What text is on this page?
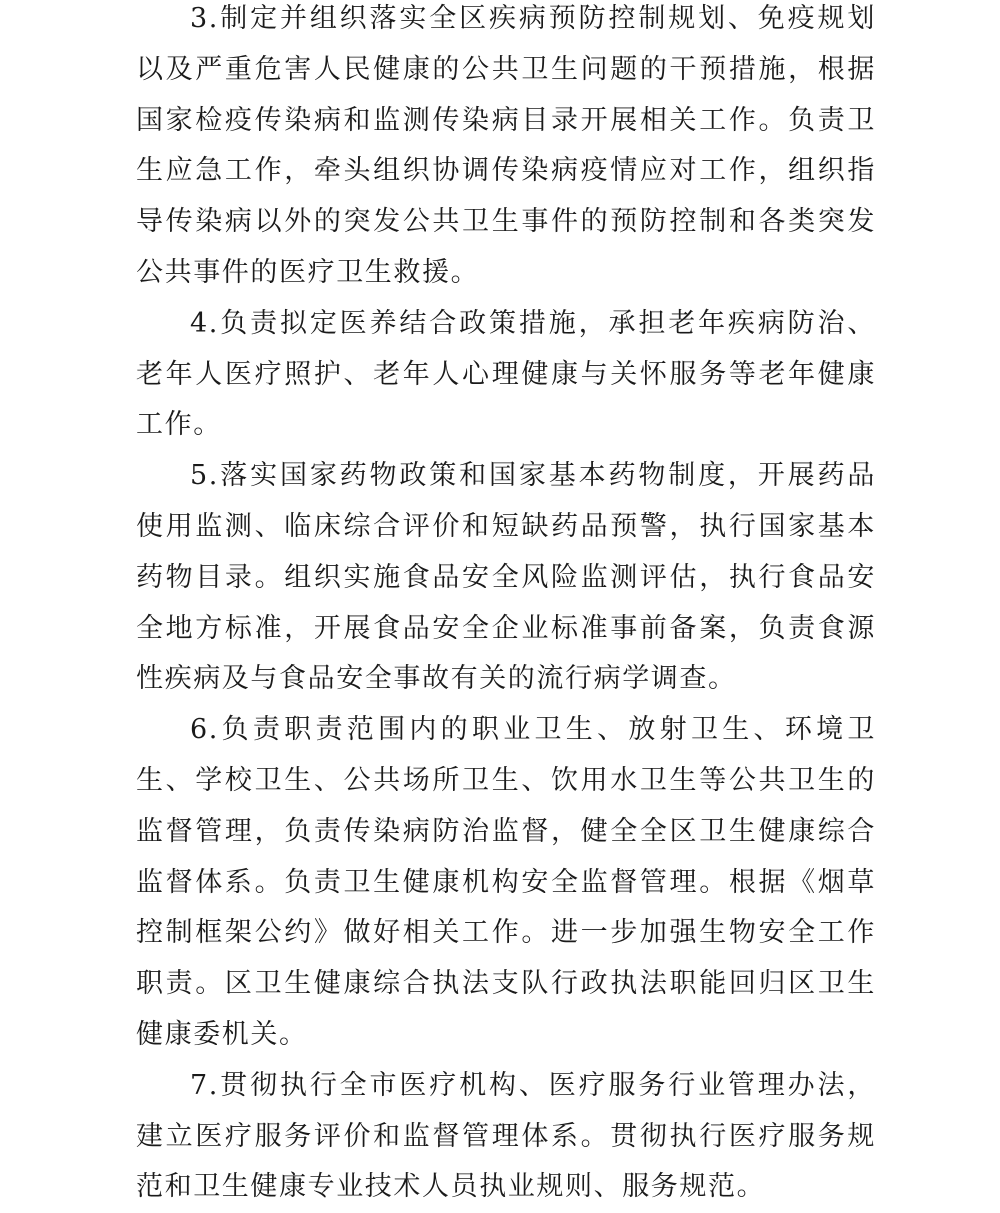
3.制定并组织落实全区疾病预防控制规划、免疫规划以及严重危害人民健康的公共卫生问题的干预措施，根据国家检疫传染病和监测传染病目录开展相关工作。负责卫生应急工作，牵头组织协调传染病疫情应对工作，组织指导传染病以外的突发公共卫生事件的预防控制和各类突发公共事件的医疗卫生救援。

4.负责拟定医养结合政策措施，承担老年疾病防治、老年人医疗照护、老年人心理健康与关怀服务等老年健康工作。

5.落实国家药物政策和国家基本药物制度，开展药品使用监测、临床综合评价和短缺药品预警，执行国家基本药物目录。组织实施食品安全风险监测评估，执行食品安全地方标准，开展食品安全企业标准事前备案，负责食源性疾病及与食品安全事故有关的流行病学调查。

6.负责职责范围内的职业卫生、放射卫生、环境卫生、学校卫生、公共场所卫生、饮用水卫生等公共卫生的监督管理，负责传染病防治监督，健全全区卫生健康综合监督体系。负责卫生健康机构安全监督管理。根据《烟草控制框架公约》做好相关工作。进一步加强生物安全工作职责。区卫生健康综合执法支队行政执法职能回归区卫生健康委机关。

7.贯彻执行全市医疗机构、医疗服务行业管理办法，建立医疗服务评价和监督管理体系。贯彻执行医疗服务规范和卫生健康专业技术人员执业规则、服务规范。
